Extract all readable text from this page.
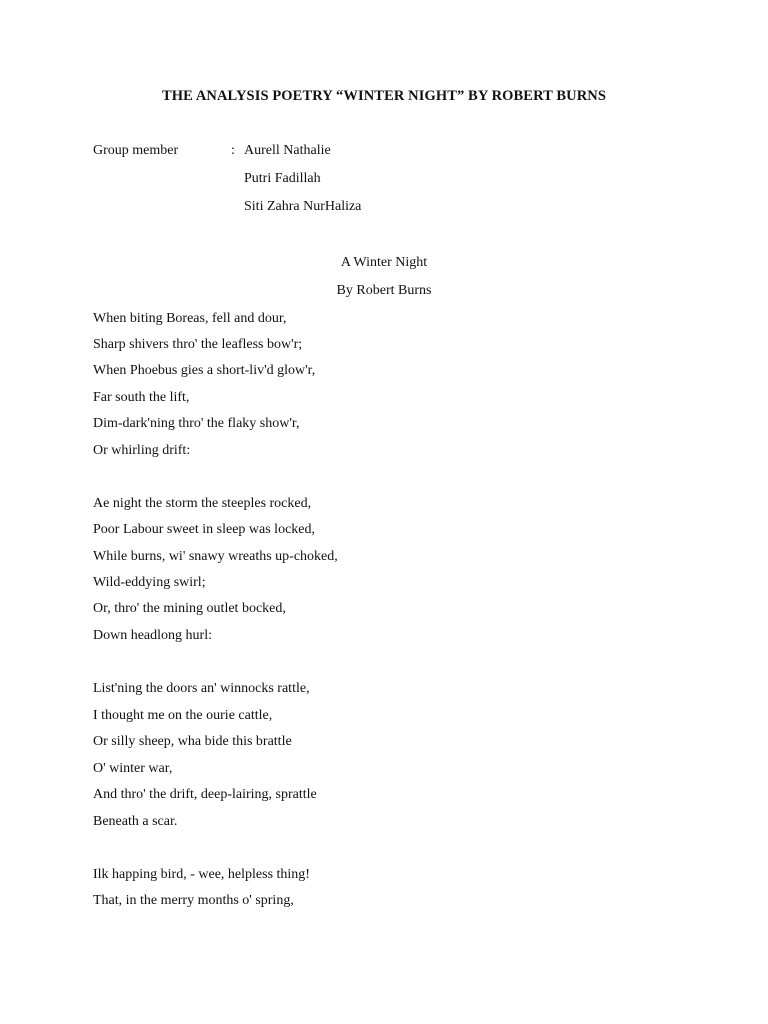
THE ANALYSIS POETRY “WINTER NIGHT” BY ROBERT BURNS
Group member	: Aurell Nathalie
Putri Fadillah
Siti Zahra NurHaliza
A Winter Night
By Robert Burns
When biting Boreas, fell and dour,
Sharp shivers thro' the leafless bow'r;
When Phoebus gies a short-liv'd glow'r,
Far south the lift,
Dim-dark'ning thro' the flaky show'r,
Or whirling drift:
Ae night the storm the steeples rocked,
Poor Labour sweet in sleep was locked,
While burns, wi' snawy wreaths up-choked,
Wild-eddying swirl;
Or, thro' the mining outlet bocked,
Down headlong hurl:
List'ning the doors an' winnocks rattle,
I thought me on the ourie cattle,
Or silly sheep, wha bide this brattle
O' winter war,
And thro' the drift, deep-lairing, sprattle
Beneath a scar.
Ilk happing bird, - wee, helpless thing!
That, in the merry months o' spring,
